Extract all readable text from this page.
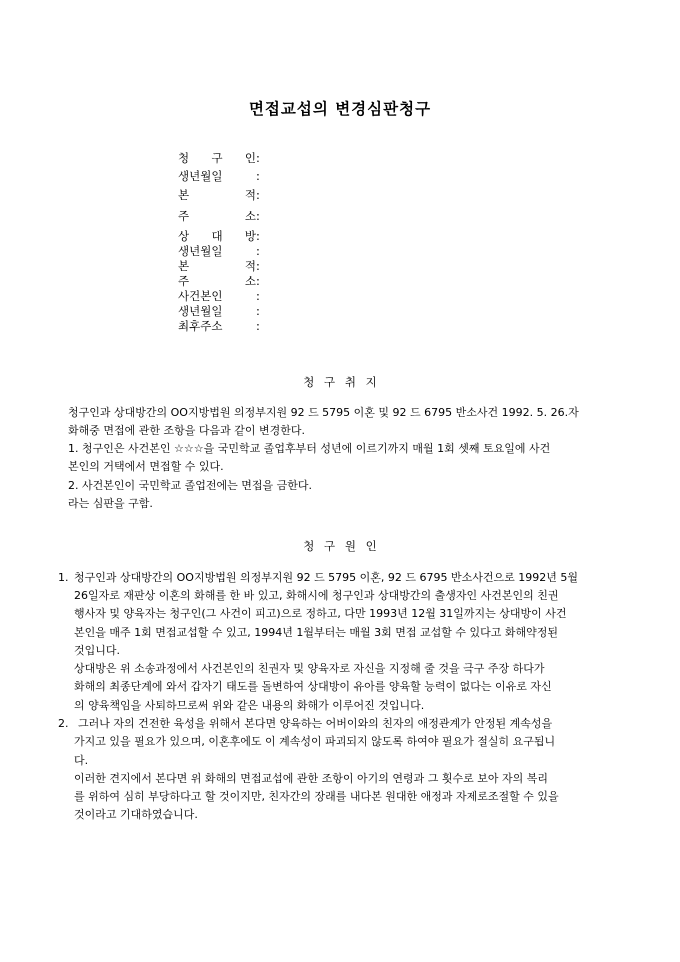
면접교섭의 변경심판청구
청 구 인:
생년월일	:
본 적:
주 소:
상 대 방:
생년월일	:
본 적:
주 소:
사건본인	:
생년월일	:
최후주소	:
청 구 취 지
청구인과 상대방간의 OO지방법원 의정부지원 92 드 5795 이혼 및 92 드 6795 반소사건 1992. 5. 26.자
화해중 면접에 관한 조항을 다음과 같이 변경한다.
1. 청구인은 사건본인 ☆☆☆을 국민학교 졸업후부터 성년에 이르기까지 매월 1회 셋째 토요일에 사건
본인의 거택에서 면접할 수 있다.
2. 사건본인이 국민학교 졸업전에는 면접을 금한다.
라는 심판을 구함.
청 구 원 인
1. 청구인과 상대방간의 OO지방법원 의정부지원 92 드 5795 이혼, 92 드 6795 반소사건으로 1992년 5월
26일자로 재판상 이혼의 화해를 한 바 있고, 화해시에 청구인과 상대방간의 출생자인 사건본인의 친권
행사자 및 양육자는 청구인(그 사건이 피고)으로 정하고, 다만 1993년 12월 31일까지는 상대방이 사건
본인을 매주 1회 면접교섭할 수 있고, 1994년 1월부터는 매월 3회 면접 교섭할 수 있다고 화해약정된
것입니다.
상대방은 위 소송과정에서 사건본인의 친권자 및 양육자로 자신을 지정해 줄 것을 극구 주장 하다가
화해의 최종단계에 와서 갑자기 태도를 돌변하여 상대방이 유아를 양육할 능력이 없다는 이유로 자신
의 양육책임을 사퇴하므로써 위와 같은 내용의 화해가 이루어진 것입니다.
2. 그러나 자의 건전한 육성을 위해서 본다면 양육하는 어버이와의 친자의 애정관계가 안정된 계속성을
가지고 있을 필요가 있으며, 이혼후에도 이 계속성이 파괴되지 않도록 하여야 필요가 절실히 요구됩니
다.
이러한 견지에서 본다면 위 화해의 면접교섭에 관한 조항이 아기의 연령과 그 횟수로 보아 자의 복리
를 위하여 심히 부당하다고 할 것이지만, 친자간의 장래를 내다본 원대한 애정과 자제로조절할 수 있을
것이라고 기대하였습니다.
